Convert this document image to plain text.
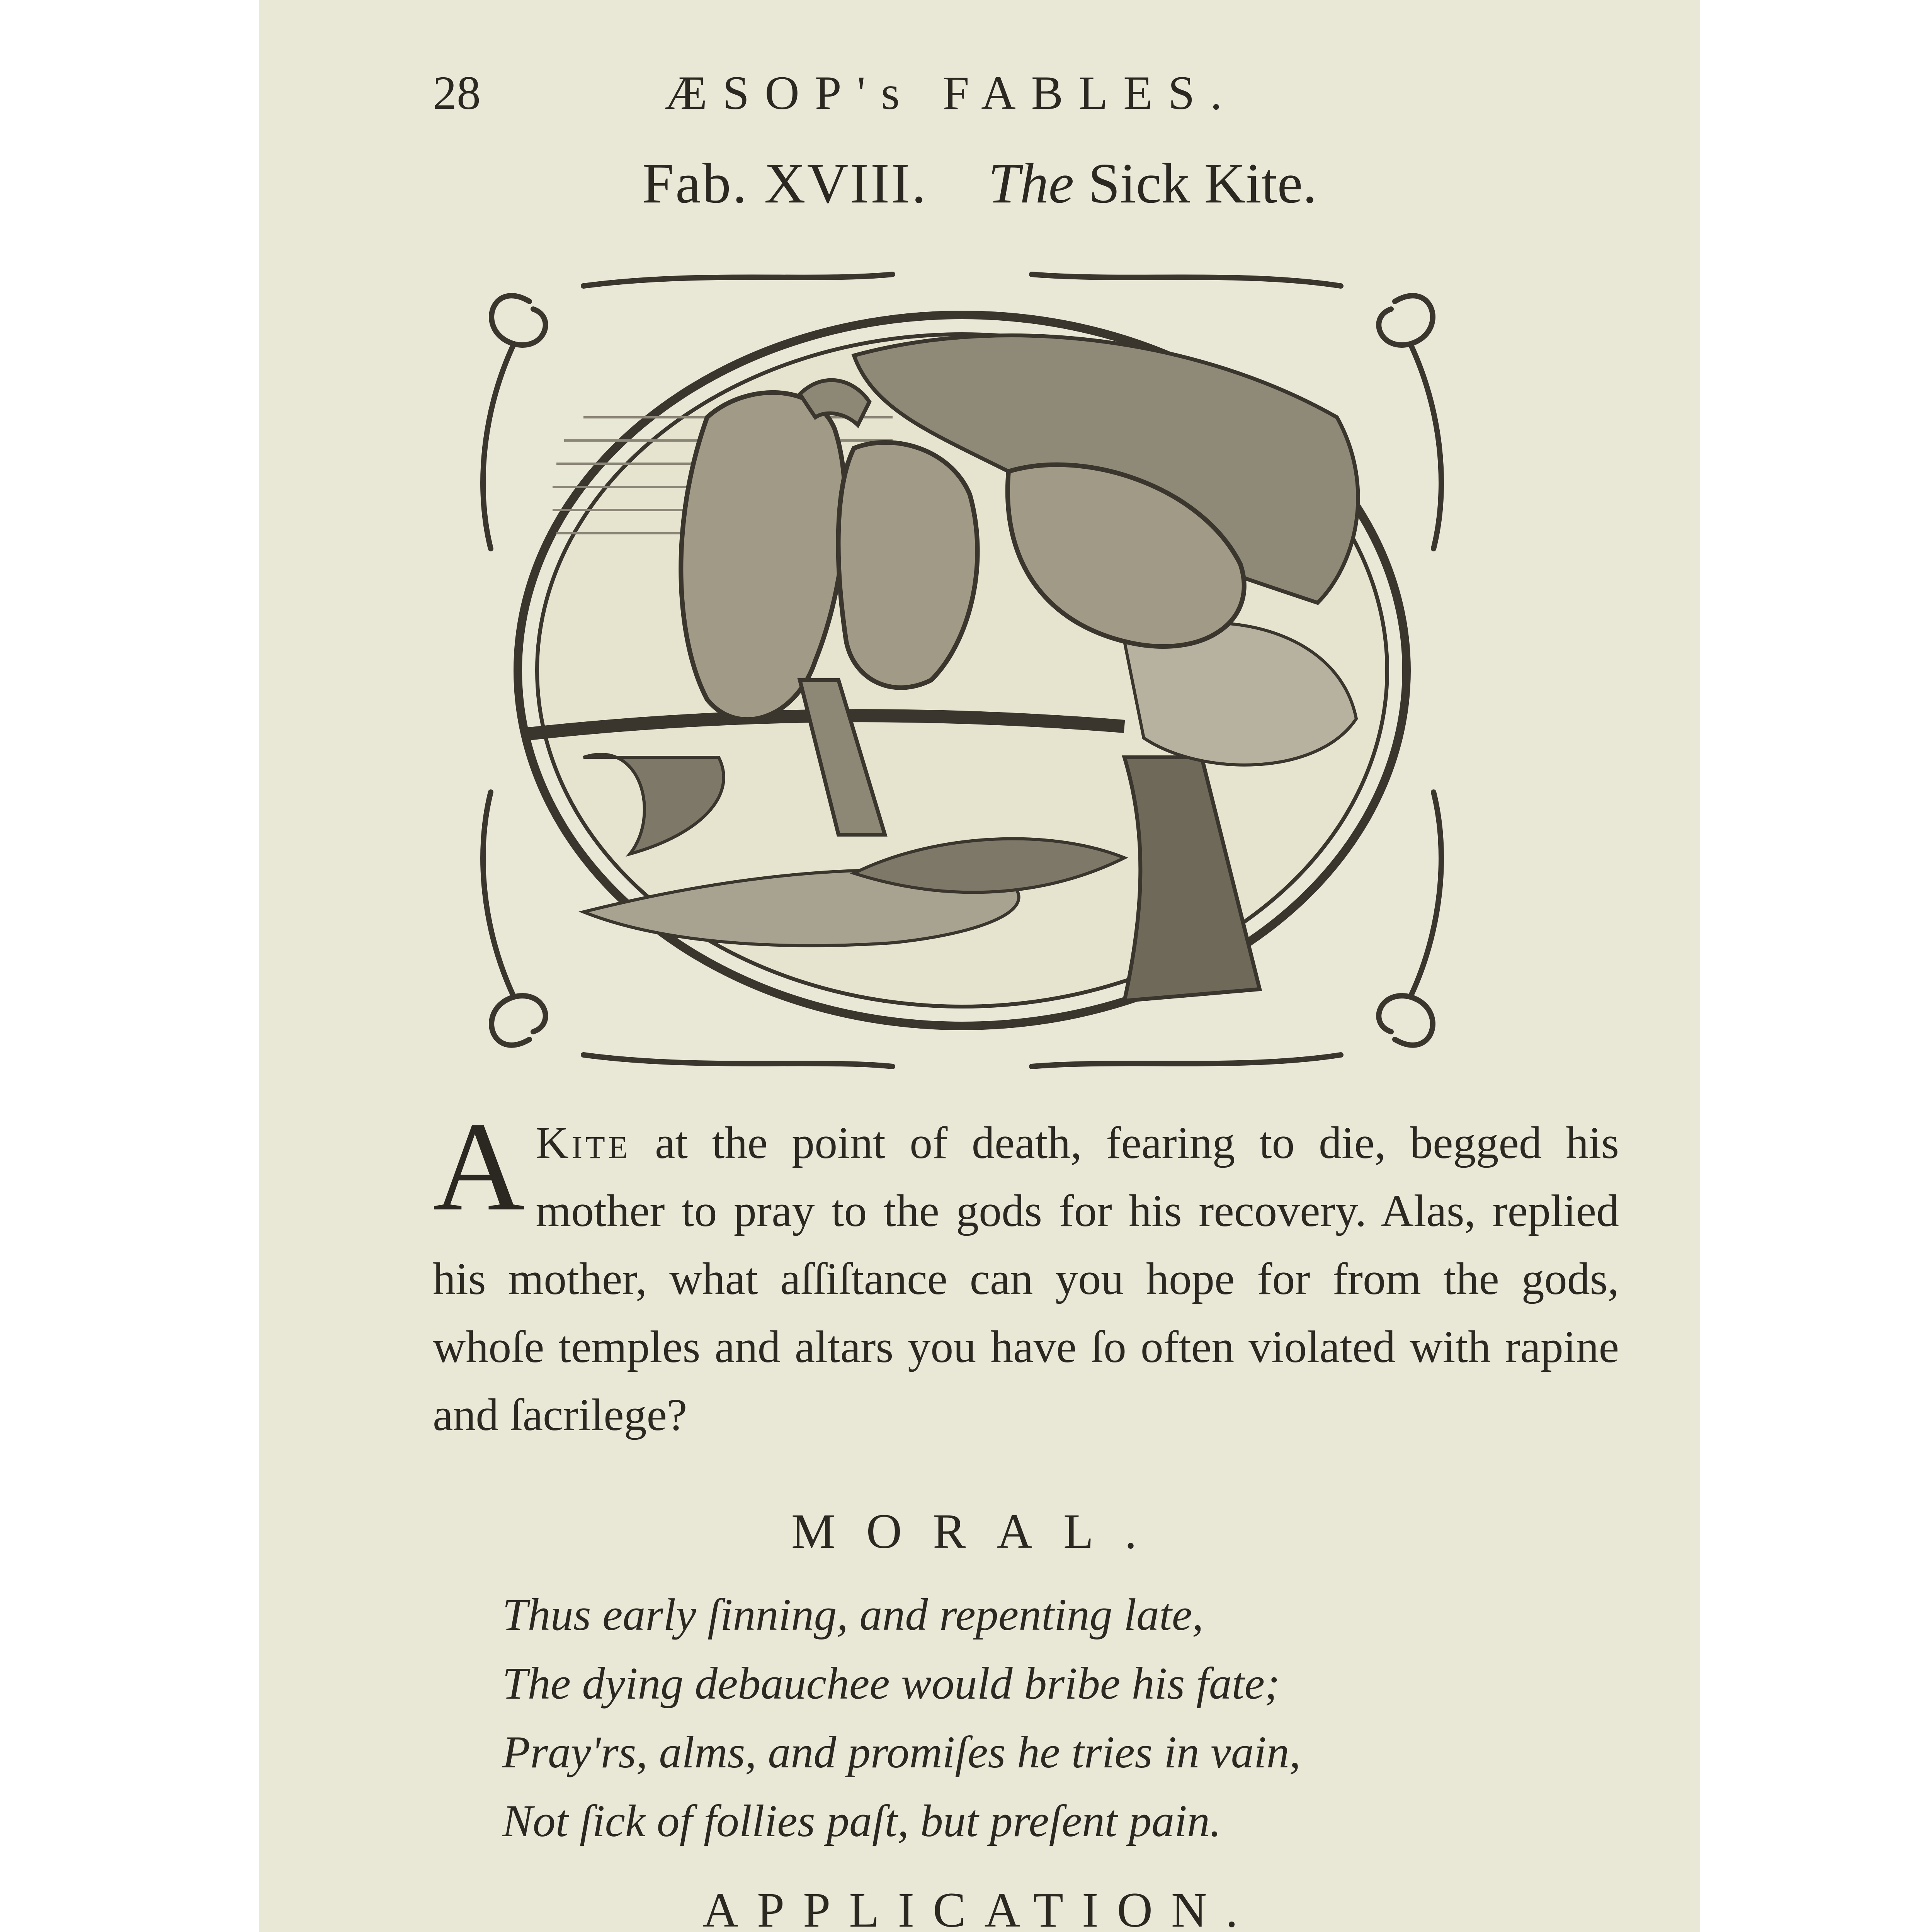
28	ÆSOP's FABLES.
Fab. XVIII. The Sick Kite.
A Kite at the point of death, fearing to die, begged his mother to pray to the gods for his recovery. Alas, replied his mother, what aſſiſtance can you hope for from the gods, whoſe temples and altars you have ſo often violated with rapine and ſacrilege?
MORAL.
Thus early ſinning, and repenting late,
The dying debauchee would bribe his fate;
Pray'rs, alms, and promiſes he tries in vain,
Not ſick of follies paſt, but preſent pain.
APPLICATION.
